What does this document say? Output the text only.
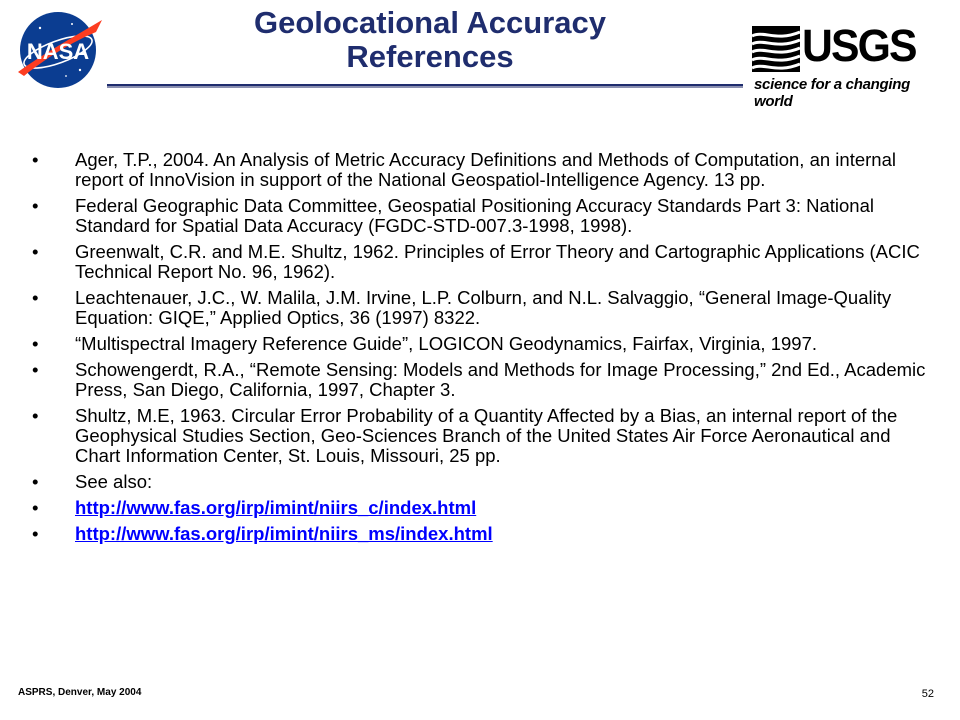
NASA
Geolocational Accuracy
References	USGS
science for a changing world
• Ager, T.P., 2004. An Analysis of Metric Accuracy Definitions and Methods of Computation, an internal report of InnoVision in support of the National Geospatiol-Intelligence Agency. 13 pp.
• Federal Geographic Data Committee, Geospatial Positioning Accuracy Standards Part 3: National Standard for Spatial Data Accuracy (FGDC-STD-007.3-1998, 1998).
• Greenwalt, C.R. and M.E. Shultz, 1962. Principles of Error Theory and Cartographic Applications (ACIC Technical Report No. 96, 1962).
• Leachtenauer, J.C., W. Malila, J.M. Irvine, L.P. Colburn, and N.L. Salvaggio, “General Image-Quality Equation: GIQE,” Applied Optics, 36 (1997) 8322.
• “Multispectral Imagery Reference Guide”, LOGICON Geodynamics, Fairfax, Virginia, 1997.
• Schowengerdt, R.A., “Remote Sensing: Models and Methods for Image Processing,” 2nd Ed., Academic Press, San Diego, California, 1997, Chapter 3.
• Shultz, M.E, 1963. Circular Error Probability of a Quantity Affected by a Bias, an internal report of the Geophysical Studies Section, Geo-Sciences Branch of the United States Air Force Aeronautical and Chart Information Center, St. Louis, Missouri, 25 pp.
• See also:
• http://www.fas.org/irp/imint/niirs_c/index.html
• http://www.fas.org/irp/imint/niirs_ms/index.html
ASPRS, Denver, May 2004	52
